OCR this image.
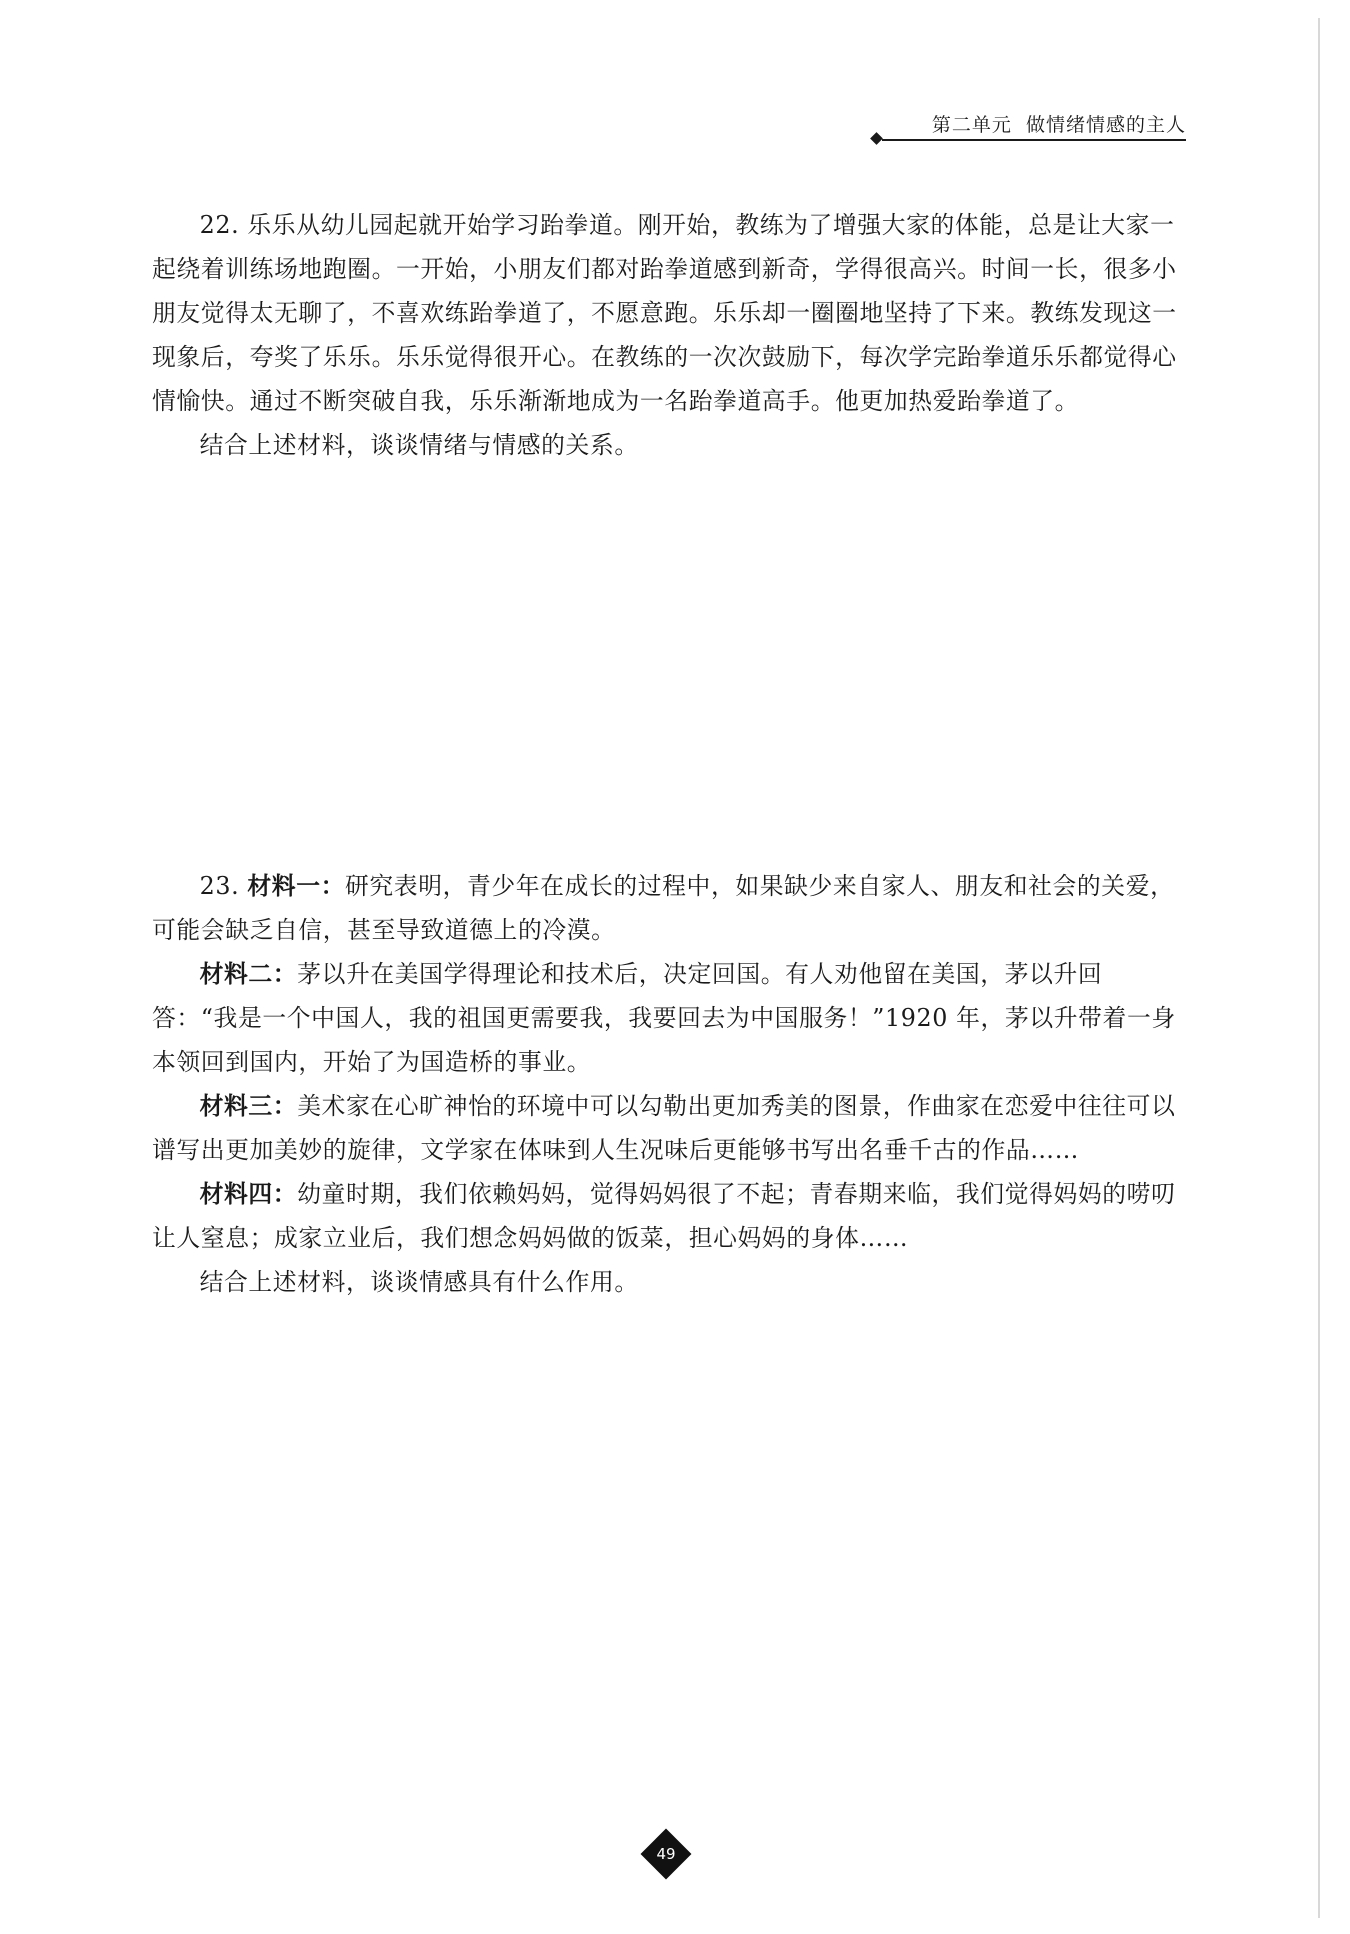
第二单元  做情绪情感的主人

22. 乐乐从幼儿园起就开始学习跆拳道。刚开始，教练为了增强大家的体能，总是让大家一起绕着训练场地跑圈。一开始，小朋友们都对跆拳道感到新奇，学得很高兴。时间一长，很多小朋友觉得太无聊了，不喜欢练跆拳道了，不愿意跑。乐乐却一圈圈地坚持了下来。教练发现这一现象后，夸奖了乐乐。乐乐觉得很开心。在教练的一次次鼓励下，每次学完跆拳道乐乐都觉得心情愉快。通过不断突破自我，乐乐渐渐地成为一名跆拳道高手。他更加热爱跆拳道了。

结合上述材料，谈谈情绪与情感的关系。

23. 材料一：研究表明，青少年在成长的过程中，如果缺少来自家人、朋友和社会的关爱，可能会缺乏自信，甚至导致道德上的冷漠。

材料二：茅以升在美国学得理论和技术后，决定回国。有人劝他留在美国，茅以升回答：“我是一个中国人，我的祖国更需要我，我要回去为中国服务！”1920 年，茅以升带着一身本领回到国内，开始了为国造桥的事业。

材料三：美术家在心旷神怡的环境中可以勾勒出更加秀美的图景，作曲家在恋爱中往往可以谱写出更加美妙的旋律，文学家在体味到人生况味后更能够书写出名垂千古的作品……

材料四：幼童时期，我们依赖妈妈，觉得妈妈很了不起；青春期来临，我们觉得妈妈的唠叨让人窒息；成家立业后，我们想念妈妈做的饭菜，担心妈妈的身体……

结合上述材料，谈谈情感具有什么作用。

49
